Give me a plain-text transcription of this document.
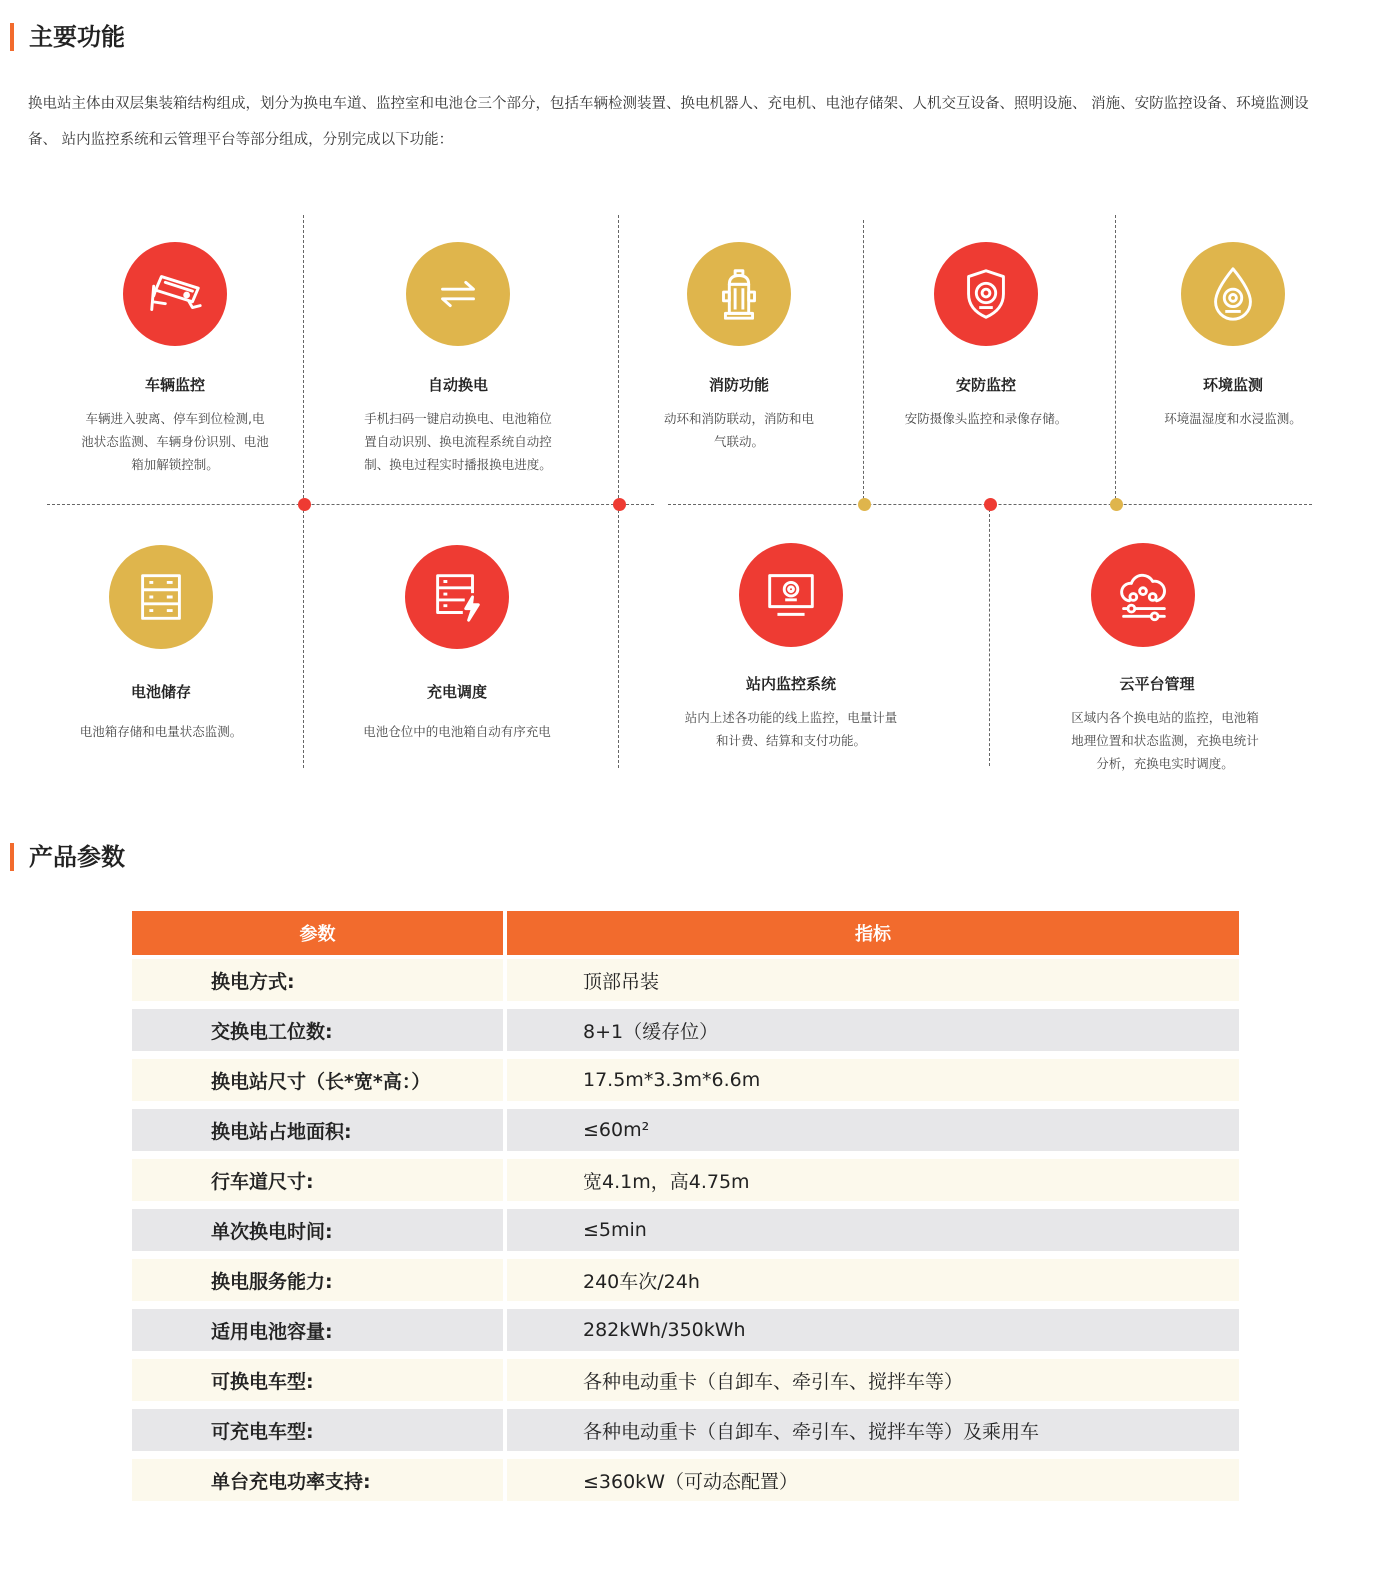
主要功能
换电站主体由双层集装箱结构组成，划分为换电车道、监控室和电池仓三个部分，包括车辆检测装置、换电机器人、充电机、电池存储架、人机交互设备、照明设施、 消施、安防监控设备、环境监测设备、 站内监控系统和云管理平台等部分组成，分别完成以下功能：
车辆监控
车辆进入驶离、停车到位检测,电池状态监测、车辆身份识别、电池箱加解锁控制。
自动换电
手机扫码一键启动换电、电池箱位置自动识别、换电流程系统自动控制、换电过程实时播报换电进度。
消防功能
动环和消防联动，消防和电气联动。
安防监控
安防摄像头监控和录像存储。
环境监测
环境温湿度和水浸监测。
电池储存
电池箱存储和电量状态监测。
充电调度
电池仓位中的电池箱自动有序充电
站内监控系统
站内上述各功能的线上监控，电量计量和计费、结算和支付功能。
云平台管理
区域内各个换电站的监控，电池箱地理位置和状态监测，充换电统计分析，充换电实时调度。
产品参数
参数	指标
换电方式:	顶部吊装
交换电工位数:	8+1（缓存位）
换电站尺寸（长*宽*高：）	17.5m*3.3m*6.6m
换电站占地面积:	≤60m²
行车道尺寸:	宽4.1m，高4.75m
单次换电时间:	≤5min
换电服务能力:	240车次/24h
适用电池容量:	282kWh/350kWh
可换电车型:	各种电动重卡（自卸车、牵引车、搅拌车等）
可充电车型:	各种电动重卡（自卸车、牵引车、搅拌车等）及乘用车
单台充电功率支持:	≤360kW（可动态配置）
